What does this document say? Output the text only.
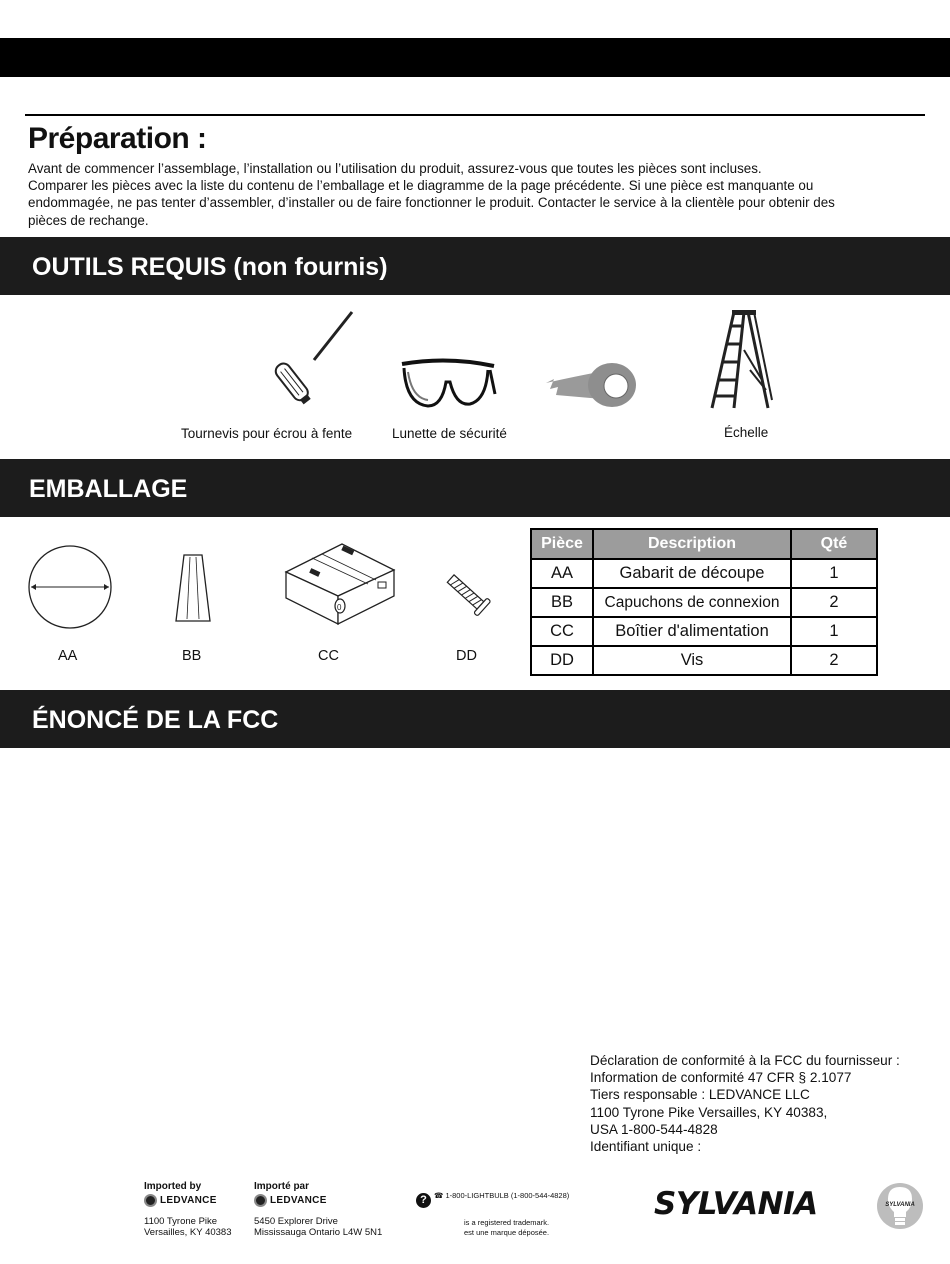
Préparation :
Avant de commencer l’assemblage, l’installation ou l’utilisation du produit, assurez-vous que toutes les pièces sont incluses.
Comparer les pièces avec la liste du contenu de l’emballage et le diagramme de la page précédente. Si une pièce est manquante ou
endommagée, ne pas tenter d’assembler, d’installer ou de faire fonctionner le produit. Contacter le service à la clientèle pour obtenir des
pièces de rechange.
OUTILS REQUIS (non fournis)
Tournevis pour écrou à fente	Lunette de sécurité	Échelle
EMBALLAGE
0
AA	BB	CC	DD
Pièce	Description	Qté
AA	Gabarit de découpe	1
BB	Capuchons de connexion	2
CC	Boîtier d'alimentation	1
DD	Vis	2
ÉNONCÉ DE LA FCC
Déclaration de conformité à la FCC du fournisseur :
Information de conformité 47 CFR § 2.1077
Tiers responsable : LEDVANCE LLC
1100 Tyrone Pike Versailles, KY 40383,
USA 1-800-544-4828
Identifiant unique :
Imported by
LEDVANCE
1100 Tyrone Pike
Versailles, KY 40383
Importé par
LEDVANCE
5450 Explorer Drive
Mississauga Ontario L4W 5N1
? ☎ 1-800-LIGHTBULB (1-800-544-4828)
is a registered trademark.
est une marque déposée.
SYLVANIA	SYLVANIA
